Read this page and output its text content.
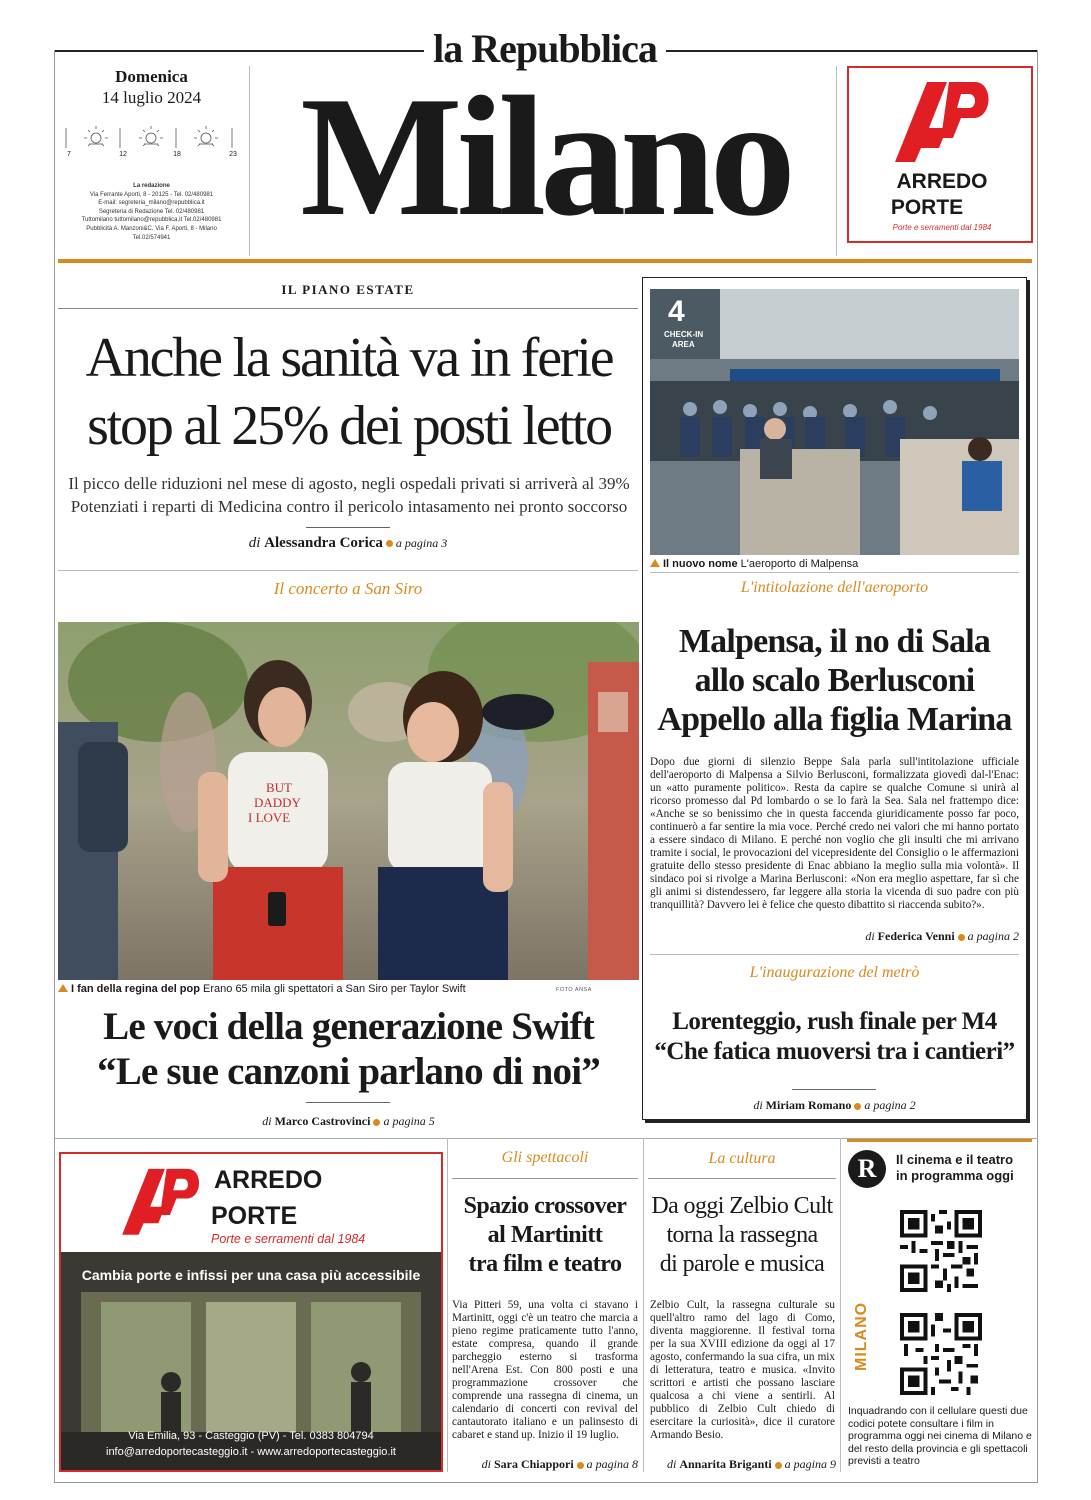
la Repubblica
Domenica
14 luglio 2024
7	12	18	23
La redazione
Via Ferrante Aporti, 8 - 20125 - Tel. 02/480981
E-mail: segreteria_milano@repubblica.it
Segreteria di Redazione Tel. 02/480981
Tuttomilano tuttomilano@repubblica.it Tel.02/480981
Pubblicità A. Manzoni&C. Via F. Aporti, 8 - Milano
Tel.02/574941 Milano	ARREDO
PORTE
Porte e serramenti dal 1984
IL PIANO ESTATE
Anche la sanità va in ferie
stop al 25% dei posti letto
Il picco delle riduzioni nel mese di agosto, negli ospedali privati si arriverà al 39%
Potenziati i reparti di Medicina contro il pericolo intasamento nei pronto soccorso
di Alessandra Corica a pagina 3
Il concerto a San Siro
BUT
DADDY
I LOVE
I fan della regina del pop Erano 65 mila gli spettatori a San Siro per Taylor Swift	FOTO ANSA
Le voci della generazione Swift
“Le sue canzoni parlano di noi”
di Marco Castrovinci a pagina 5
4
CHECK-IN
AREA
Il nuovo nome L'aeroporto di Malpensa
L'intitolazione dell'aeroporto
Malpensa, il no di Sala
allo scalo Berlusconi
Appello alla figlia Marina
Dopo due giorni di silenzio Beppe Sala parla sull'intitolazione ufficiale dell'aeroporto di Malpensa a Silvio Berlusconi, formalizzata giovedì dal-l'Enac: un «atto puramente politico». Resta da capire se qualche Comune si unirà al ricorso promesso dal Pd lombardo o se lo farà la Sea. Sala nel frattempo dice: «Anche se so benissimo che in questa faccenda giuridicamente posso far poco, continuerò a far sentire la mia voce. Perché credo nei valori che mi hanno portato a essere sindaco di Milano. E perché non voglio che gli insulti che mi arrivano tramite i social, le provocazioni del vicepresidente del Consiglio o le affermazioni gratuite dello stesso presidente di Enac abbiano la meglio sulla mia volontà». Il sindaco poi si rivolge a Marina Berlusconi: «Non era meglio aspettare, far sì che gli animi si distendessero, far leggere alla storia la vicenda di suo padre con più tranquillità? Davvero lei è felice che questo dibattito si riaccenda subito?».
di Federica Venni a pagina 2
L'inaugurazione del metrò
Lorenteggio, rush finale per M4
“Che fatica muoversi tra i cantieri”
di Miriam Romano a pagina 2
ARREDO
PORTE
Porte e serramenti dal 1984
Cambia porte e infissi per una casa più accessibile
Via Emilia, 93 - Casteggio (PV) - Tel. 0383 804794
info@arredoportecasteggio.it - www.arredoportecasteggio.it
Gli spettacoli
Spazio crossover
al Martinitt
tra film e teatro
Via Pitteri 59, una volta ci stavano i Martinitt, oggi c'è un teatro che marcia a pieno regime praticamente tutto l'anno, estate compresa, quando il grande parcheggio esterno si trasforma nell'Arena Est. Con 800 posti e una programmazione crossover che comprende una rassegna di cinema, un calendario di concerti con revival del cantautorato italiano e un palinsesto di cabaret e stand up. Inizio il 19 luglio.
di Sara Chiappori a pagina 8
La cultura
Da oggi Zelbio Cult
torna la rassegna
di parole e musica
Zelbio Cult, la rassegna culturale su quell'altro ramo del lago di Como, diventa maggiorenne. Il festival torna per la sua XVIII edizione da oggi al 17 agosto, confermando la sua cifra, un mix di letteratura, teatro e musica. «Invito scrittori e artisti che possano lasciare qualcosa a chi viene a sentirli. Al pubblico di Zelbio Cult chiedo di esercitare la curiosità», dice il curatore Armando Besio.
di Annarita Briganti a pagina 9
R	Il cinema e il teatro
in programma oggi
MILANO
Inquadrando con il cellulare questi due codici potete consultare i film in programma oggi nei cinema di Milano e del resto della provincia e gli spettacoli previsti a teatro
